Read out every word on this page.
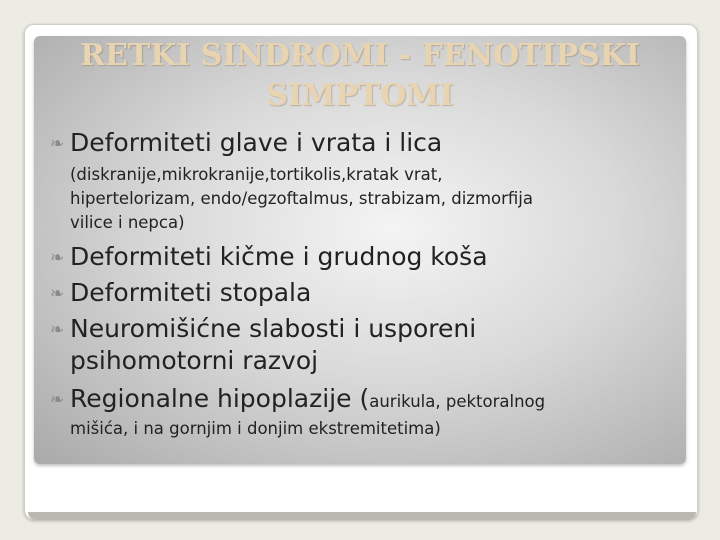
RETKI SINDROMI - FENOTIPSKI
SIMPTOMI
❧ Deformiteti glave i vrata i lica
(diskranije,mikrokranije,tortikolis,kratak vrat,
hipertelorizam, endo/egzoftalmus, strabizam, dizmorfija
vilice i nepca)
❧ Deformiteti kičme i grudnog koša
❧ Deformiteti stopala
❧ Neuromišićne slabosti i usporeni
psihomotorni razvoj
❧ Regionalne hipoplazije (aurikula, pektoralnog
mišića, i na gornjim i donjim ekstremitetima)
